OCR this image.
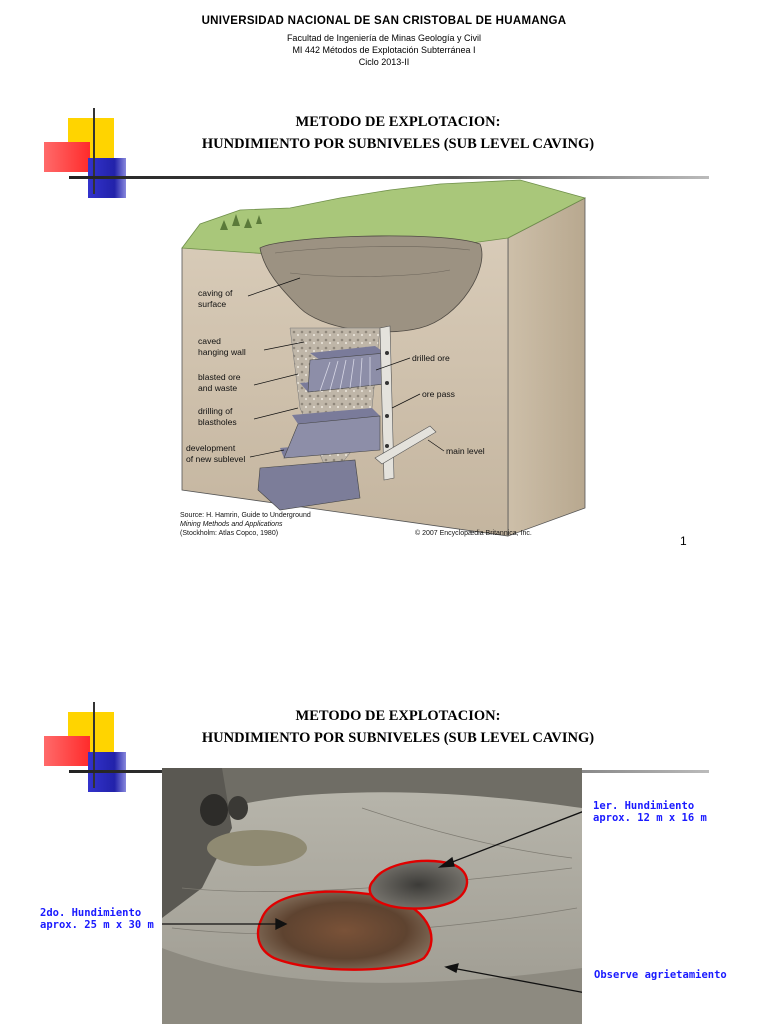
UNIVERSIDAD NACIONAL DE SAN CRISTOBAL DE HUAMANGA
Facultad de Ingeniería de Minas Geología y Civil
MI 442 Métodos de Explotación Subterránea I
Ciclo 2013-II
METODO DE EXPLOTACION:
HUNDIMIENTO POR SUBNIVELES (SUB LEVEL CAVING)
caving of
surface
caved
hanging wall
blasted ore
and waste
drilling of
blastholes
development
of new sublevel
drilled ore
ore pass
main level
Source: H. Hamrin, Guide to Underground
Mining Methods and Applications
(Stockholm: Atlas Copco, 1980)	© 2007 Encyclopædia Britannica, Inc.
1
METODO DE EXPLOTACION:
HUNDIMIENTO POR SUBNIVELES (SUB LEVEL CAVING)
1er. Hundimiento
aprox. 12 m x 16 m
2do. Hundimiento
aprox. 25 m x 30 m
Observe agrietamiento
